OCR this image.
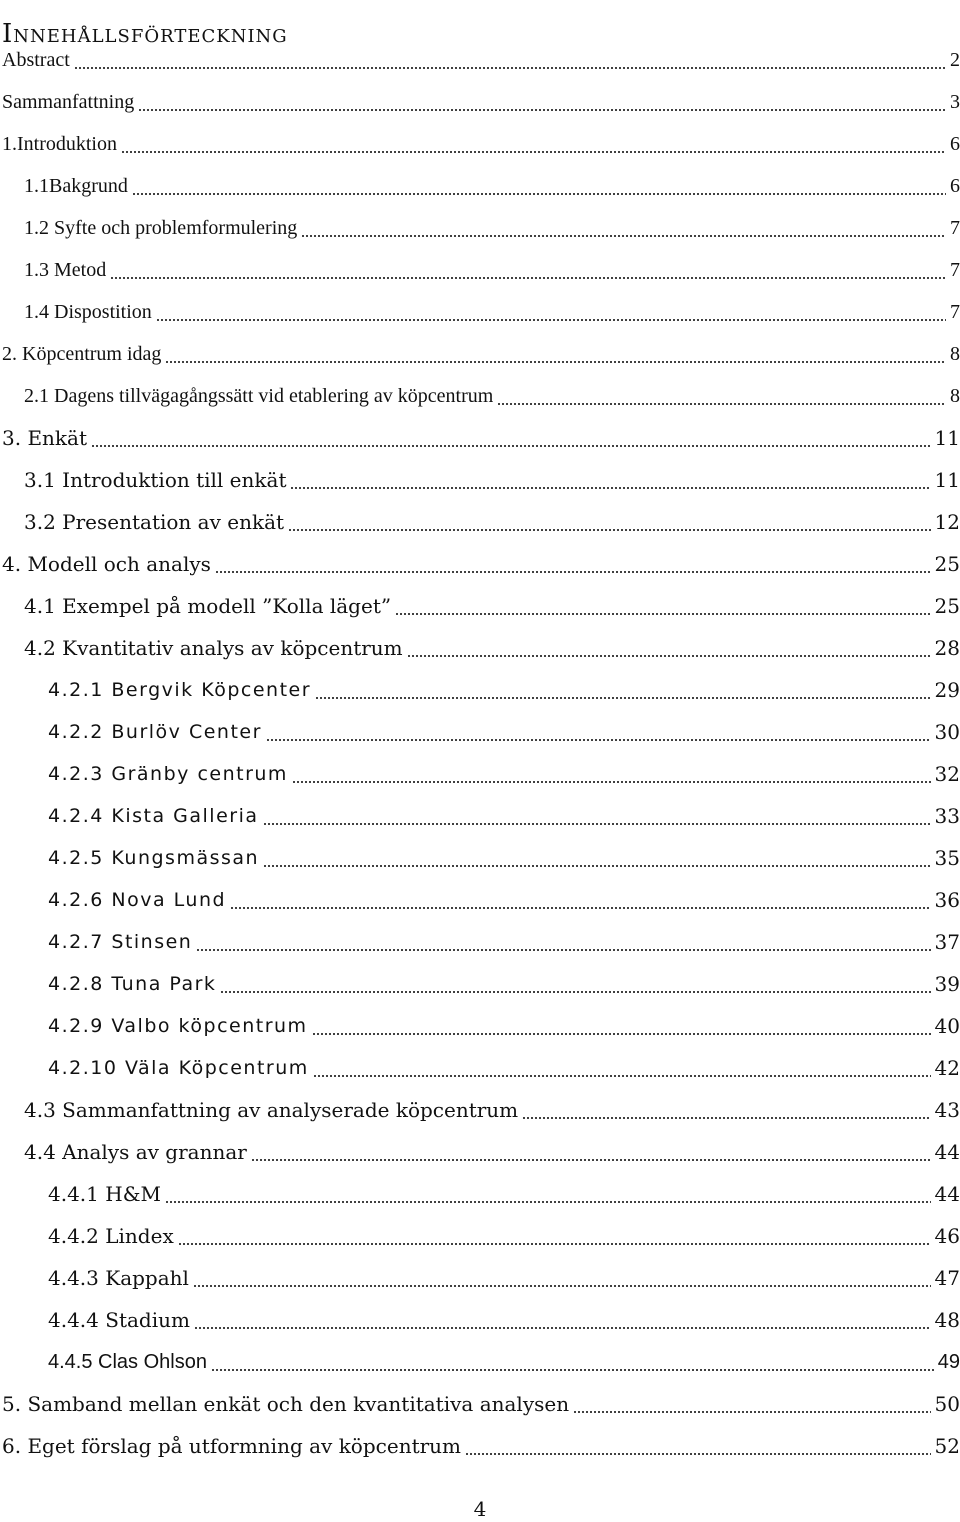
Innehållsförteckning
Abstract	2
Sammanfattning	3
1.Introduktion	6
1.1Bakgrund	6
1.2 Syfte och problemformulering	7
1.3 Metod	7
1.4 Dispostition	7
2. Köpcentrum idag	8
2.1 Dagens tillvägagångssätt vid etablering av köpcentrum	8
3. Enkät	11
3.1 Introduktion till enkät	11
3.2 Presentation av enkät	12
4. Modell och analys	25
4.1 Exempel på modell ”Kolla läget”	25
4.2 Kvantitativ analys av köpcentrum	28
4.2.1 Bergvik Köpcenter	29
4.2.2 Burlöv Center	30
4.2.3 Gränby centrum	32
4.2.4 Kista Galleria	33
4.2.5 Kungsmässan	35
4.2.6 Nova Lund	36
4.2.7 Stinsen	37
4.2.8 Tuna Park	39
4.2.9 Valbo köpcentrum	40
4.2.10 Väla Köpcentrum	42
4.3 Sammanfattning av analyserade köpcentrum	43
4.4 Analys av grannar	44
4.4.1 H&M	44
4.4.2 Lindex	46
4.4.3 Kappahl	47
4.4.4 Stadium	48
4.4.5 Clas Ohlson	49
5. Samband mellan enkät och den kvantitativa analysen	50
6. Eget förslag på utformning av köpcentrum	52
4
